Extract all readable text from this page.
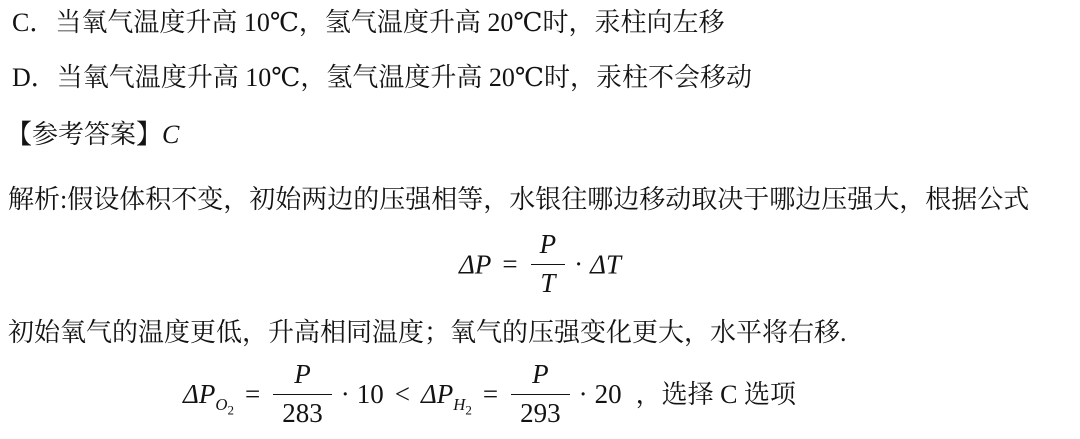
C．当氧气温度升高 10℃，氢气温度升高 20℃时，汞柱向左移
D．当氧气温度升高 10℃，氢气温度升高 20℃时，汞柱不会移动
【参考答案】C
解析:假设体积不变，初始两边的压强相等，水银往哪边移动取决于哪边压强大，根据公式
$\Delta P = \frac{P}{T} \cdot \Delta T$
初始氧气的温度更低，升高相同温度；氧气的压强变化更大，水平将右移.
$\Delta P_{O_2}= \frac{P}{283} \cdot 10 < \Delta P_{H_2}= \frac{P}{293} \cdot 20$ ，选择 C 选项
